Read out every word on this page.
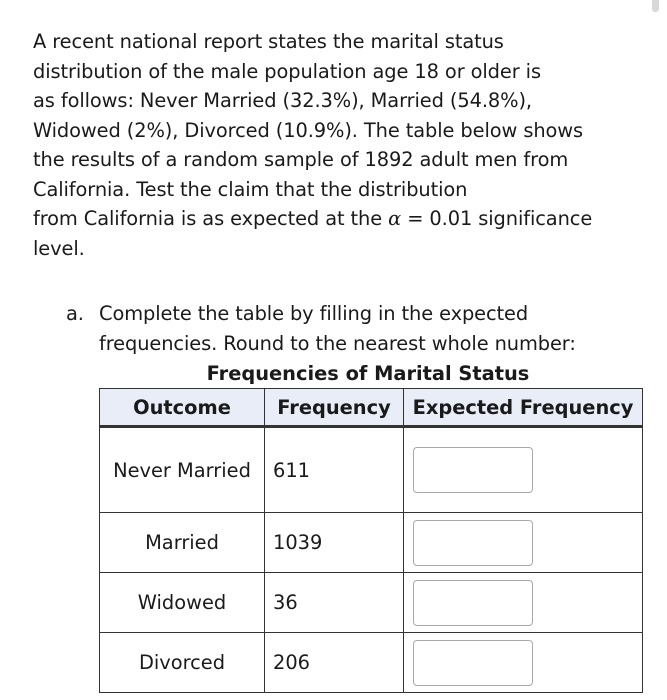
A recent national report states the marital status
distribution of the male population age 18 or older is
as follows: Never Married (32.3%), Married (54.8%),
Widowed (2%), Divorced (10.9%). The table below shows
the results of a random sample of 1892 adult men from
California. Test the claim that the distribution
from California is as expected at the α = 0.01 significance
level.
a. Complete the table by filling in the expected
frequencies. Round to the nearest whole number:
Frequencies of Marital Status
Outcome	Frequency	Expected Frequency
Never Married	611	

Married	1039	

Widowed	36	

Divorced	206	
